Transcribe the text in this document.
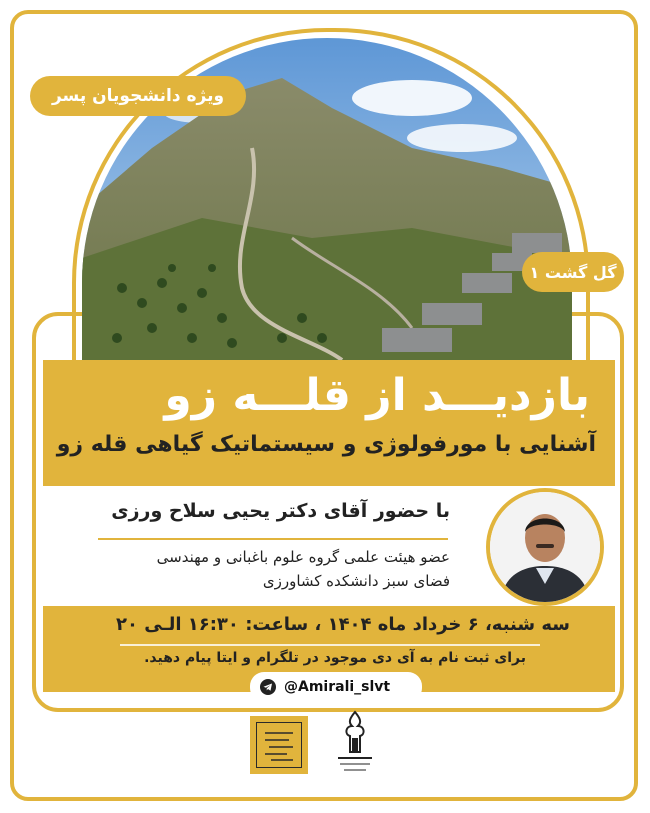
ویژه دانشجویان پسر
گل گشت ۱
بازدیـــد از قلـــه زو
آشنایی با مورفولوژی و سیستماتیک گیاهی قله زو
با حضور آقای دکتر یحیی سلاح ورزی
عضو هیئت علمی گروه علوم باغبانی و مهندسی
فضای سبز دانشکده کشاورزی
سه شنبه، ۶ خرداد ماه ۱۴۰۴ ، ساعت: ۱۶:۳۰ الـی ۲۰
برای ثبت نام به آی دی موجود در تلگرام و ایتا پیام دهید.
@Amirali_slvt
